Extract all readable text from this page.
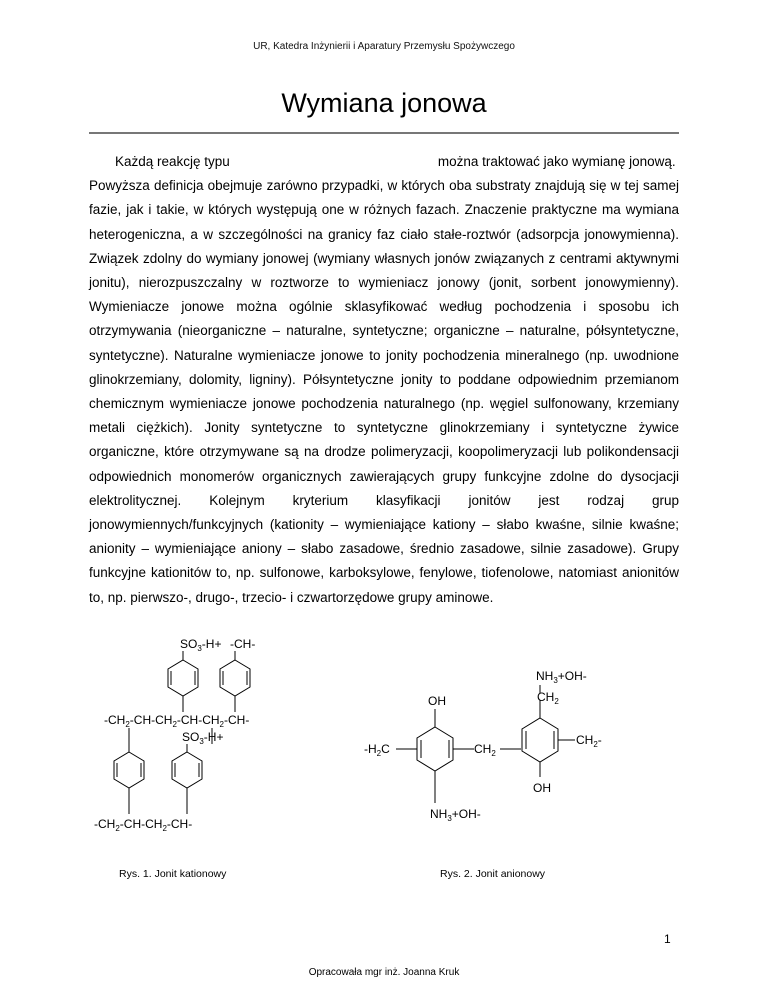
UR, Katedra Inżynierii i Aparatury Przemysłu Spożywczego
Wymiana jonowa
Każdą reakcję typu	można traktować jako wymianę jonową.
Powyższa definicja obejmuje zarówno przypadki, w których oba substraty znajdują się w tej samej fazie, jak i takie, w których występują one w różnych fazach. Znaczenie praktyczne ma wymiana heterogeniczna, a w szczególności na granicy faz ciało stałe-roztwór (adsorpcja jonowymienna). Związek zdolny do wymiany jonowej (wymiany własnych jonów związanych z centrami aktywnymi jonitu), nierozpuszczalny w roztworze to wymieniacz jonowy (jonit, sorbent jonowymienny). Wymieniacze jonowe można ogólnie sklasyfikować według pochodzenia i sposobu ich otrzymywania (nieorganiczne – naturalne, syntetyczne; organiczne – naturalne, półsyntetyczne, syntetyczne). Naturalne wymieniacze jonowe to jonity pochodzenia mineralnego (np. uwodnione glinokrzemiany, dolomity, ligniny). Półsyntetyczne jonity to poddane odpowiednim przemianom chemicznym wymieniacze jonowe pochodzenia naturalnego (np. węgiel sulfonowany, krzemiany metali ciężkich). Jonity syntetyczne to syntetyczne glinokrzemiany i syntetyczne żywice organiczne, które otrzymywane są na drodze polimeryzacji, koopolimeryzacji lub polikondensacji odpowiednich monomerów organicznych zawierających grupy funkcyjne zdolne do dysocjacji elektrolitycznej. Kolejnym kryterium klasyfikacji jonitów jest rodzaj grup jonowymiennych/funkcyjnych (kationity – wymieniające kationy – słabo kwaśne, silnie kwaśne; anionity – wymieniające aniony – słabo zasadowe, średnio zasadowe, silnie zasadowe). Grupy funkcyjne kationitów to, np. sulfonowe, karboksylowe, fenylowe, tiofenolowe, natomiast anionitów to, np. pierwszo-, drugo-, trzecio- i czwartorzędowe grupy aminowe.
$SO_3-H+ -CH-$
$-CH_2-CH-CH_2-CH-CH_2-CH-$
$SO_3-H+$
$-CH_2-CH-CH_2-CH-$
$NH_3+OH-$
$CH_2$
OH
$-H_2C$	$CH_2$
$CH_2-$
OH
$NH_3+OH-$
Rys. 1. Jonit kationowy	Rys. 2. Jonit anionowy
1
Opracowała mgr inż. Joanna Kruk
